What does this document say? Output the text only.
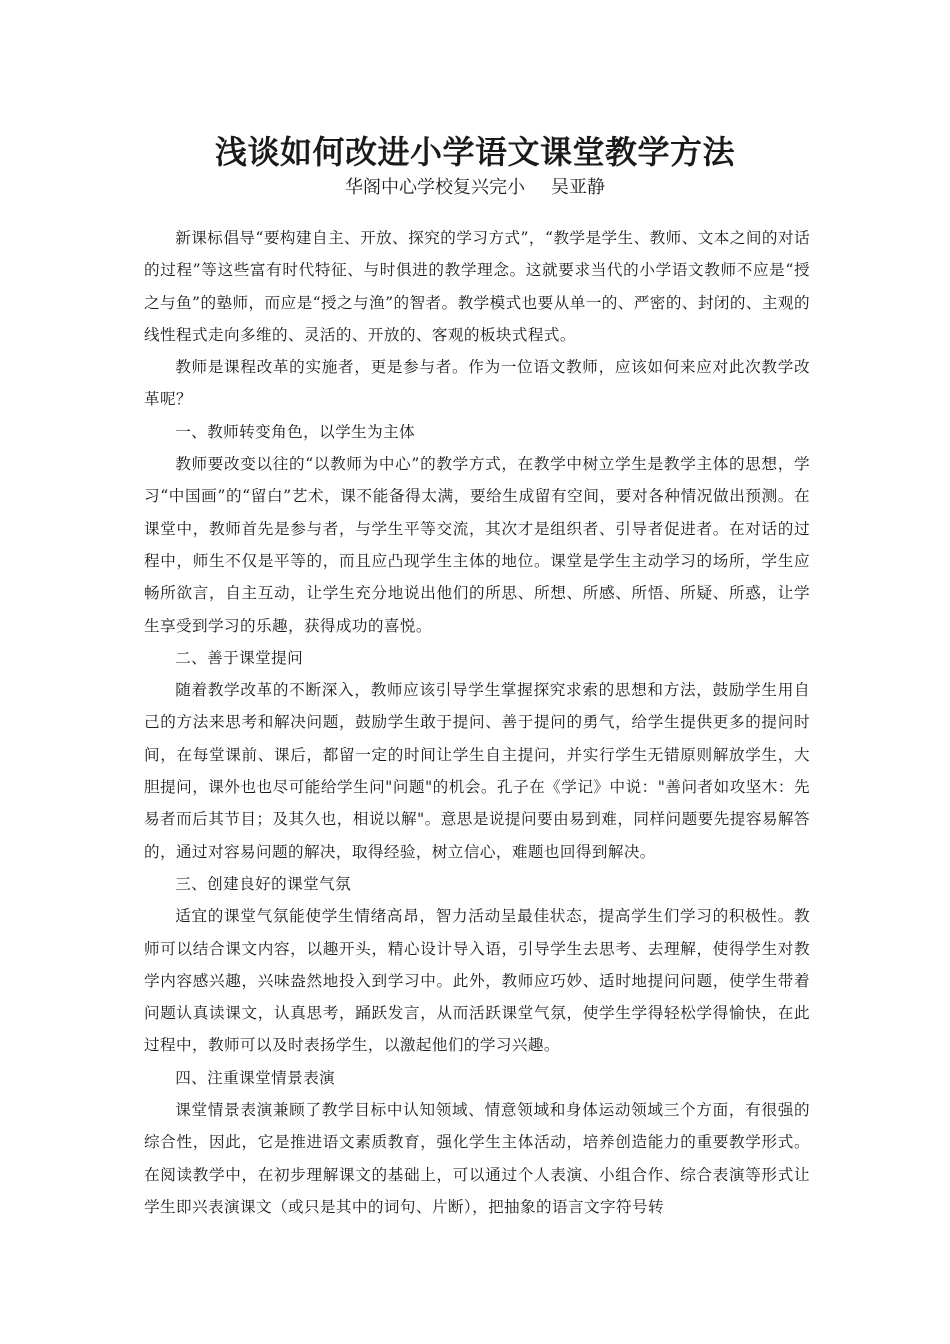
浅谈如何改进小学语文课堂教学方法
华阁中心学校复兴完小 吴亚静

新课标倡导“要构建自主、开放、探究的学习方式”，“教学是学生、教师、文本之间的对话的过程”等这些富有时代特征、与时俱进的教学理念。这就要求当代的小学语文教师不应是“授之与鱼”的塾师，而应是“授之与渔”的智者。教学模式也要从单一的、严密的、封闭的、主观的线性程式走向多维的、灵活的、开放的、客观的板块式程式。

教师是课程改革的实施者，更是参与者。作为一位语文教师，应该如何来应对此次教学改革呢？

一、教师转变角色，以学生为主体

教师要改变以往的“以教师为中心”的教学方式，在教学中树立学生是教学主体的思想，学习“中国画”的“留白”艺术，课不能备得太满，要给生成留有空间，要对各种情况做出预测。在课堂中，教师首先是参与者，与学生平等交流，其次才是组织者、引导者促进者。在对话的过程中，师生不仅是平等的，而且应凸现学生主体的地位。课堂是学生主动学习的场所，学生应畅所欲言，自主互动，让学生充分地说出他们的所思、所想、所感、所悟、所疑、所惑，让学生享受到学习的乐趣，获得成功的喜悦。

二、善于课堂提问

随着教学改革的不断深入，教师应该引导学生掌握探究求索的思想和方法，鼓励学生用自己的方法来思考和解决问题，鼓励学生敢于提问、善于提问的勇气，给学生提供更多的提问时间，在每堂课前、课后，都留一定的时间让学生自主提问，并实行学生无错原则解放学生，大胆提问，课外也也尽可能给学生问"问题"的机会。孔子在《学记》中说："善问者如攻坚木：先易者而后其节目；及其久也，相说以解"。意思是说提问要由易到难，同样问题要先提容易解答的，通过对容易问题的解决，取得经验，树立信心，难题也回得到解决。

三、创建良好的课堂气氛

适宜的课堂气氛能使学生情绪高昂，智力活动呈最佳状态，提高学生们学习的积极性。教师可以结合课文内容，以趣开头，精心设计导入语，引导学生去思考、去理解，使得学生对教学内容感兴趣，兴味盎然地投入到学习中。此外，教师应巧妙、适时地提问问题，使学生带着问题认真读课文，认真思考，踊跃发言，从而活跃课堂气氛，使学生学得轻松学得愉快，在此过程中，教师可以及时表扬学生，以激起他们的学习兴趣。

四、注重课堂情景表演

课堂情景表演兼顾了教学目标中认知领域、情意领域和身体运动领域三个方面，有很强的综合性，因此，它是推进语文素质教育，强化学生主体活动，培养创造能力的重要教学形式。在阅读教学中，在初步理解课文的基础上，可以通过个人表演、小组合作、综合表演等形式让学生即兴表演课文（或只是其中的词句、片断），把抽象的语言文字符号转
